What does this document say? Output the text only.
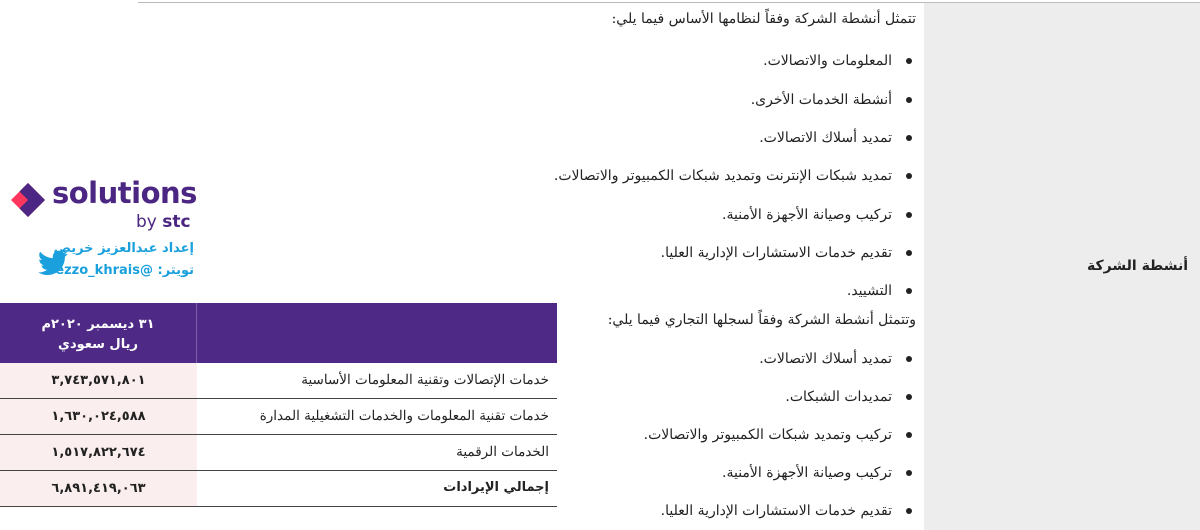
أنشطة الشركة
تتمثل أنشطة الشركة وفقاً لنظامها الأساس فيما يلي:
المعلومات والاتصالات.
أنشطة الخدمات الأخرى.
تمديد أسلاك الاتصالات.
تمديد شبكات الإنترنت وتمديد شبكات الكمبيوتر والاتصالات.
تركيب وصيانة الأجهزة الأمنية.
تقديم خدمات الاستشارات الإدارية العليا.
التشييد.
وتتمثل أنشطة الشركة وفقاً لسجلها التجاري فيما يلي:
تمديد أسلاك الاتصالات.
تمديدات الشبكات.
تركيب وتمديد شبكات الكمبيوتر والاتصالات.
تركيب وصيانة الأجهزة الأمنية.
تقديم خدمات الاستشارات الإدارية العليا.
solutions
by stc
إعداد عبدالعزيز خريص
تويتر: @ezzo_khrais
٣١ ديسمبر ٢٠٢٠م
ريال سعودي
٣,٧٤٣,٥٧١,٨٠١	خدمات الإتصالات وتقنية المعلومات الأساسية
١,٦٣٠,٠٢٤,٥٨٨	خدمات تقنية المعلومات والخدمات التشغيلية المدارة
١,٥١٧,٨٢٢,٦٧٤	الخدمات الرقمية
٦,٨٩١,٤١٩,٠٦٣	إجمالي الإيرادات
